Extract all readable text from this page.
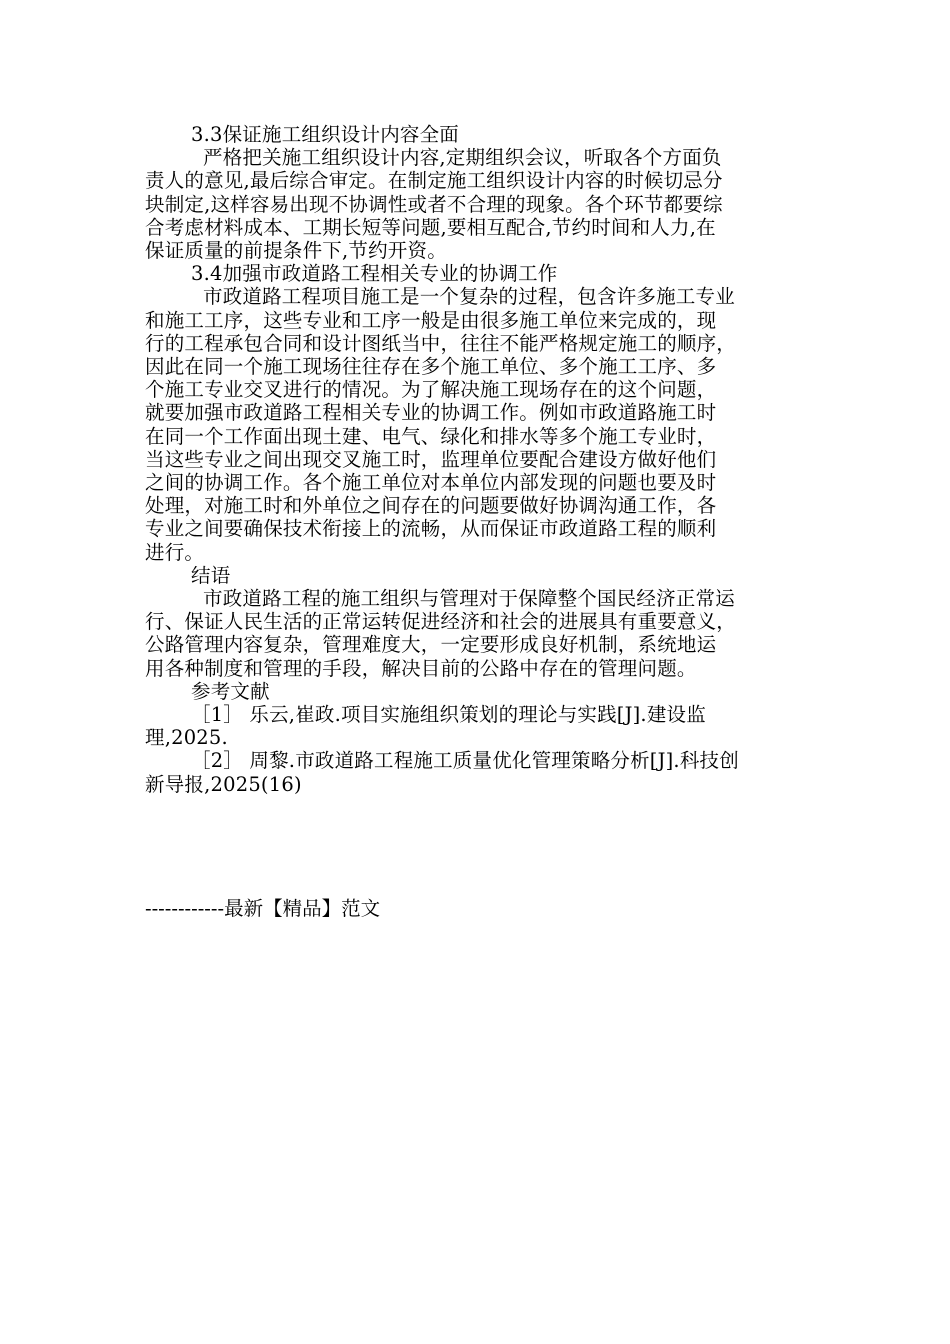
3.3保证施工组织设计内容全面
严格把关施工组织设计内容,定期组织会议，听取各个方面负
责人的意见,最后综合审定。在制定施工组织设计内容的时候切忌分
块制定,这样容易出现不协调性或者不合理的现象。各个环节都要综
合考虑材料成本、工期长短等问题,要相互配合,节约时间和人力,在
保证质量的前提条件下,节约开资。
3.4加强市政道路工程相关专业的协调工作
市政道路工程项目施工是一个复杂的过程，包含许多施工专业
和施工工序，这些专业和工序一般是由很多施工单位来完成的，现
行的工程承包合同和设计图纸当中，往往不能严格规定施工的顺序，
因此在同一个施工现场往往存在多个施工单位、多个施工工序、多
个施工专业交叉进行的情况。为了解决施工现场存在的这个问题，
就要加强市政道路工程相关专业的协调工作。例如市政道路施工时
在同一个工作面出现土建、电气、绿化和排水等多个施工专业时，
当这些专业之间出现交叉施工时，监理单位要配合建设方做好他们
之间的协调工作。各个施工单位对本单位内部发现的问题也要及时
处理，对施工时和外单位之间存在的问题要做好协调沟通工作，各
专业之间要确保技术衔接上的流畅，从而保证市政道路工程的顺利
进行。
结语
市政道路工程的施工组织与管理对于保障整个国民经济正常运
行、保证人民生活的正常运转促进经济和社会的进展具有重要意义，
公路管理内容复杂，管理难度大，一定要形成良好机制，系统地运
用各种制度和管理的手段，解决目前的公路中存在的管理问题。
参考文献
［1］ 乐云,崔政.项目实施组织策划的理论与实践[J].建设监
理,2025.
［2］ 周黎.市政道路工程施工质量优化管理策略分析[J].科技创
新导报,2025(16)
------------最新【精品】范文
